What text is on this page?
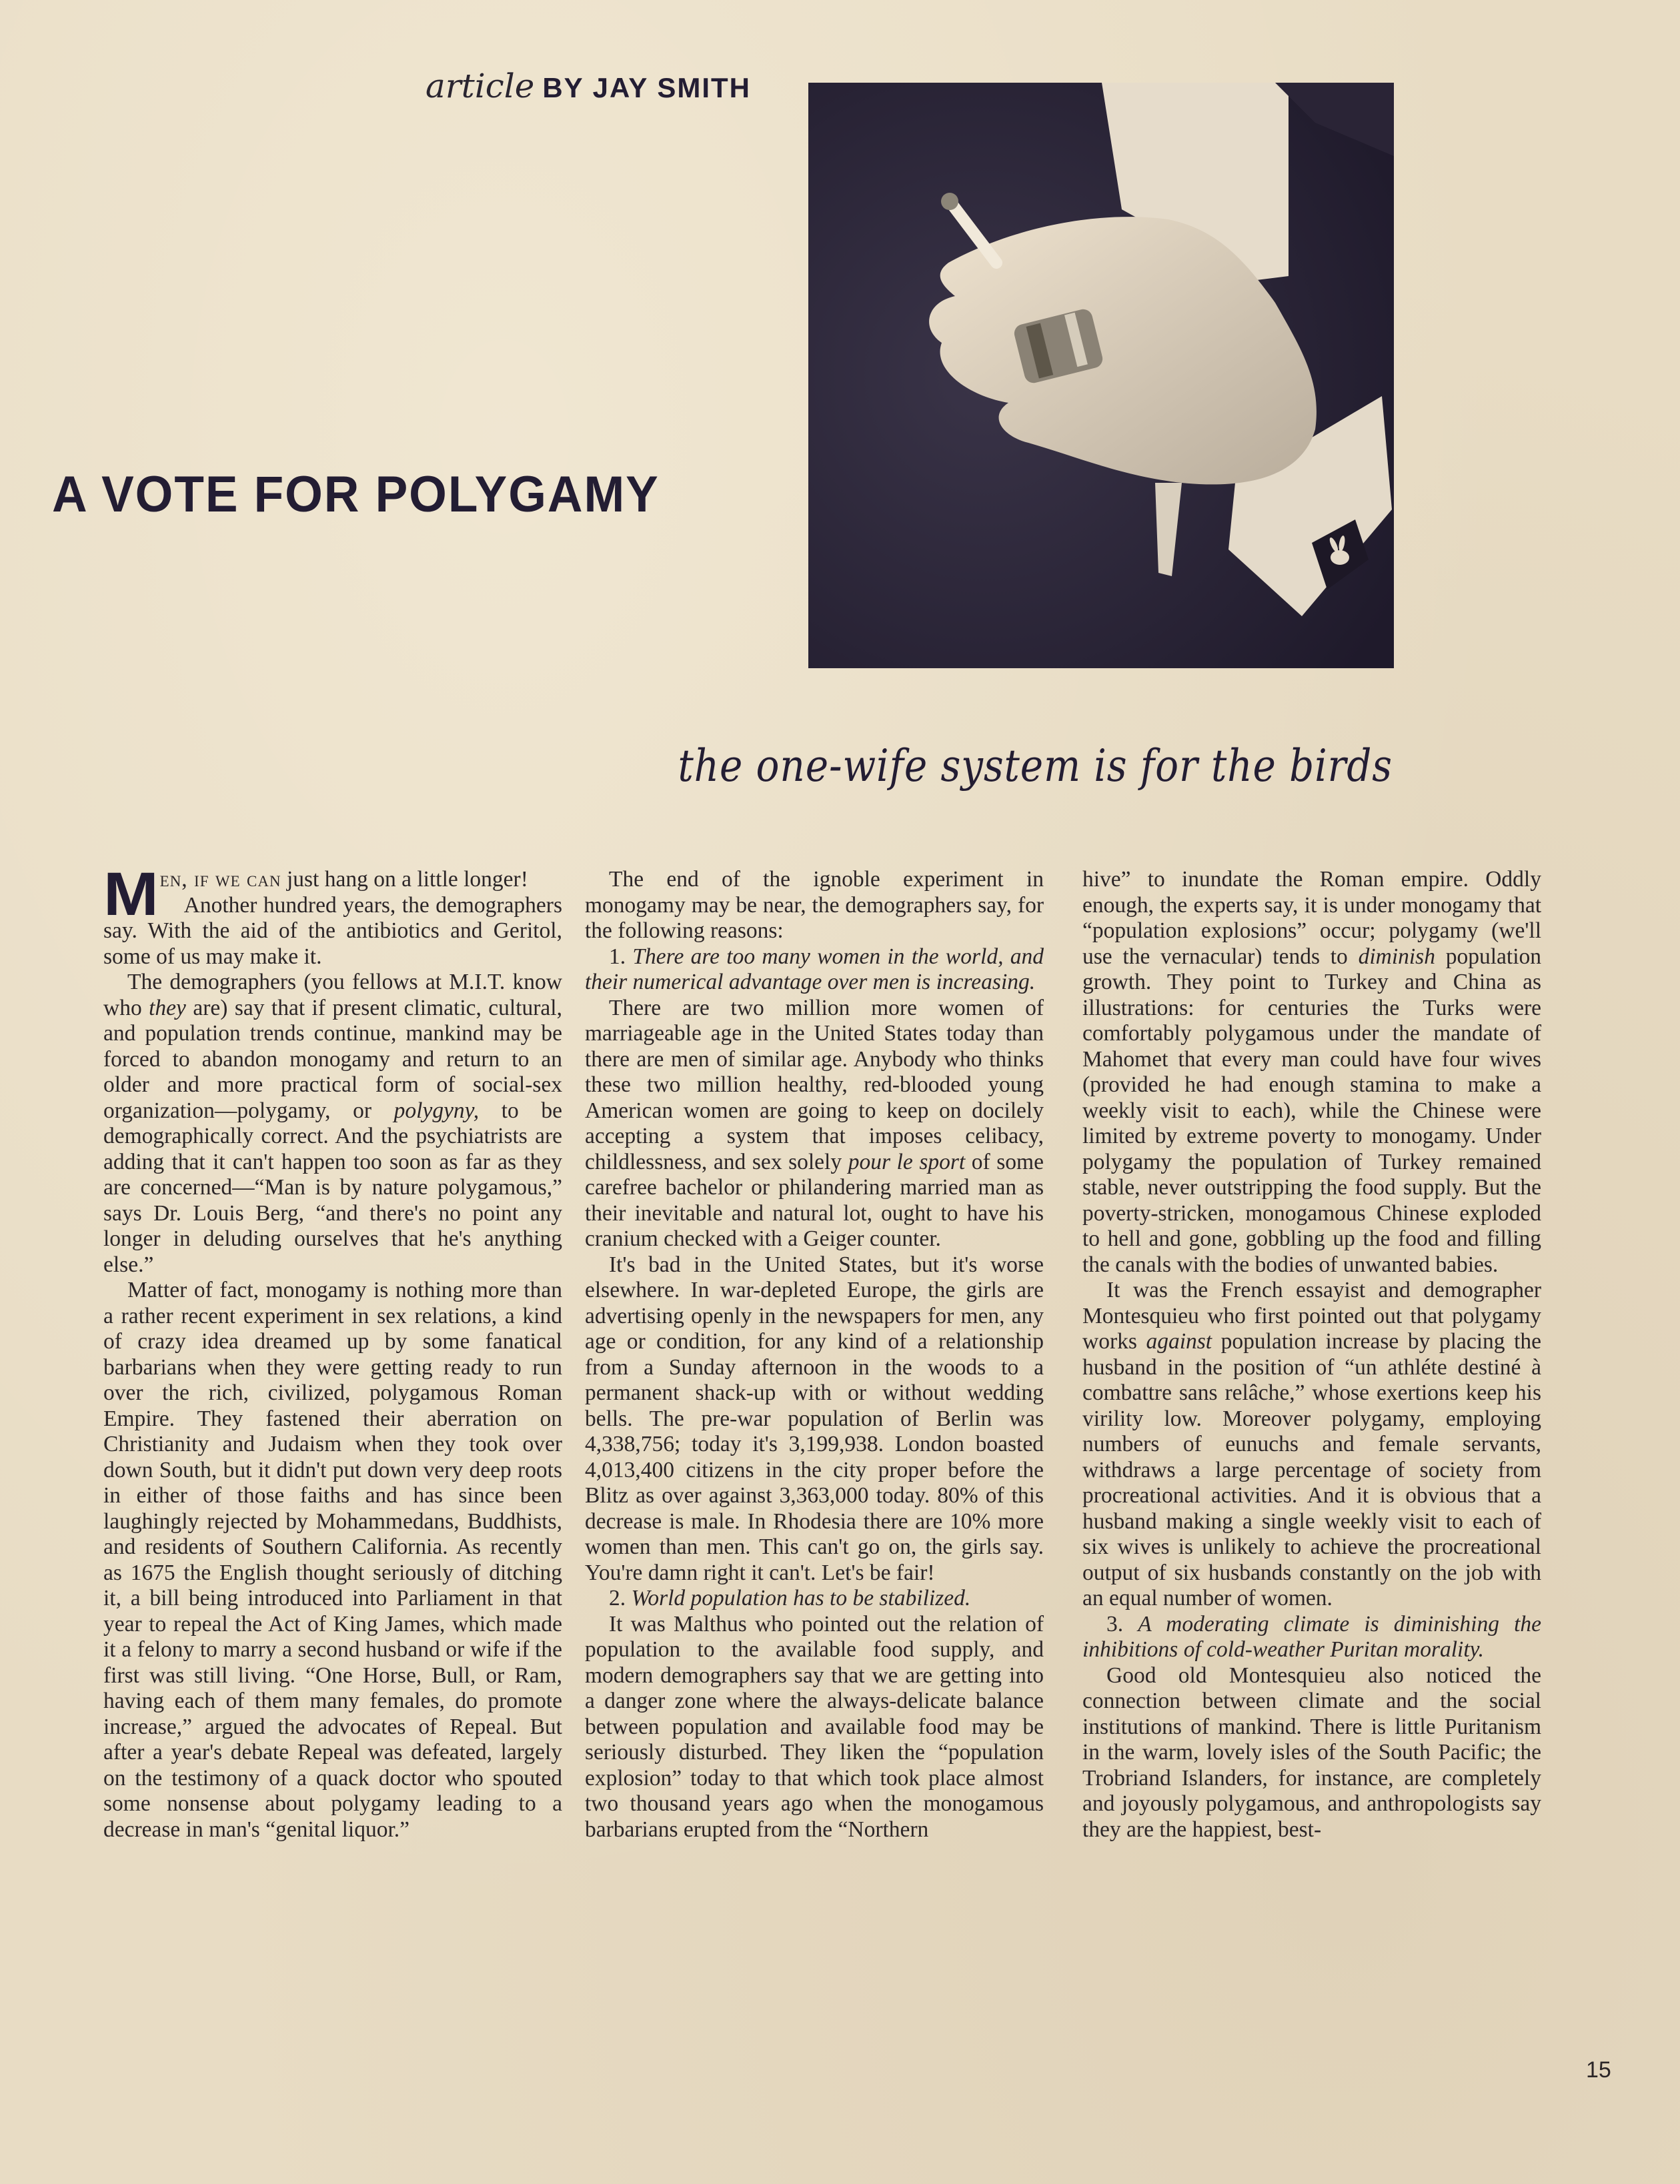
article BY JAY SMITH
A VOTE FOR POLYGAMY
the one-wife system is for the birds

Men, if we can just hang on a little longer!

Another hundred years, the demographers say. With the aid of the antibiotics and Geritol, some of us may make it.

The demographers (you fellows at M.I.T. know who they are) say that if present climatic, cultural, and population trends continue, mankind may be forced to abandon monogamy and return to an older and more practical form of social-sex organization—polygamy, or polygyny, to be demographically correct. And the psychiatrists are adding that it can't happen too soon as far as they are concerned—“Man is by nature polygamous,” says Dr. Louis Berg, “and there's no point any longer in deluding ourselves that he's anything else.”

Matter of fact, monogamy is nothing more than a rather recent experiment in sex relations, a kind of crazy idea dreamed up by some fanatical barbarians when they were getting ready to run over the rich, civilized, polygamous Roman Empire. They fastened their aberration on Christianity and Judaism when they took over down South, but it didn't put down very deep roots in either of those faiths and has since been laughingly rejected by Mohammedans, Buddhists, and residents of Southern California. As recently as 1675 the English thought seriously of ditching it, a bill being introduced into Parliament in that year to repeal the Act of King James, which made it a felony to marry a second husband or wife if the first was still living. “One Horse, Bull, or Ram, having each of them many females, do promote increase,” argued the advocates of Repeal. But after a year's debate Repeal was defeated, largely on the testimony of a quack doctor who spouted some nonsense about polygamy leading to a decrease in man's “genital liquor.”

The end of the ignoble experiment in monogamy may be near, the demographers say, for the following reasons:

1. There are too many women in the world, and their numerical advantage over men is increasing.

There are two million more women of marriageable age in the United States today than there are men of similar age. Anybody who thinks these two million healthy, red-blooded young American women are going to keep on docilely accepting a system that imposes celibacy, childlessness, and sex solely pour le sport of some carefree bachelor or philandering married man as their inevitable and natural lot, ought to have his cranium checked with a Geiger counter.

It's bad in the United States, but it's worse elsewhere. In war-depleted Europe, the girls are advertising openly in the newspapers for men, any age or condition, for any kind of a relationship from a Sunday afternoon in the woods to a permanent shack-up with or without wedding bells. The pre-war population of Berlin was 4,338,756; today it's 3,199,938. London boasted 4,013,400 citizens in the city proper before the Blitz as over against 3,363,000 today. 80% of this decrease is male. In Rhodesia there are 10% more women than men. This can't go on, the girls say. You're damn right it can't. Let's be fair!

2. World population has to be stabilized.

It was Malthus who pointed out the relation of population to the available food supply, and modern demographers say that we are getting into a danger zone where the always-delicate balance between population and available food may be seriously disturbed. They liken the “population explosion” today to that which took place almost two thousand years ago when the monogamous barbarians erupted from the “Northern

hive” to inundate the Roman empire. Oddly enough, the experts say, it is under monogamy that “population explosions” occur; polygamy (we'll use the vernacular) tends to diminish population growth. They point to Turkey and China as illustrations: for centuries the Turks were comfortably polygamous under the mandate of Mahomet that every man could have four wives (provided he had enough stamina to make a weekly visit to each), while the Chinese were limited by extreme poverty to monogamy. Under polygamy the population of Turkey remained stable, never outstripping the food supply. But the poverty-stricken, monogamous Chinese exploded to hell and gone, gobbling up the food and filling the canals with the bodies of unwanted babies.

It was the French essayist and demographer Montesquieu who first pointed out that polygamy works against population increase by placing the husband in the position of “un athléte destiné à combattre sans relâche,” whose exertions keep his virility low. Moreover polygamy, employing numbers of eunuchs and female servants, withdraws a large percentage of society from procreational activities. And it is obvious that a husband making a single weekly visit to each of six wives is unlikely to achieve the procreational output of six husbands constantly on the job with an equal number of women.

3. A moderating climate is diminishing the inhibitions of cold-weather Puritan morality.

Good old Montesquieu also noticed the connection between climate and the social institutions of mankind. There is little Puritanism in the warm, lovely isles of the South Pacific; the Trobriand Islanders, for instance, are completely and joyously polygamous, and anthropologists say they are the happiest, best-

15
